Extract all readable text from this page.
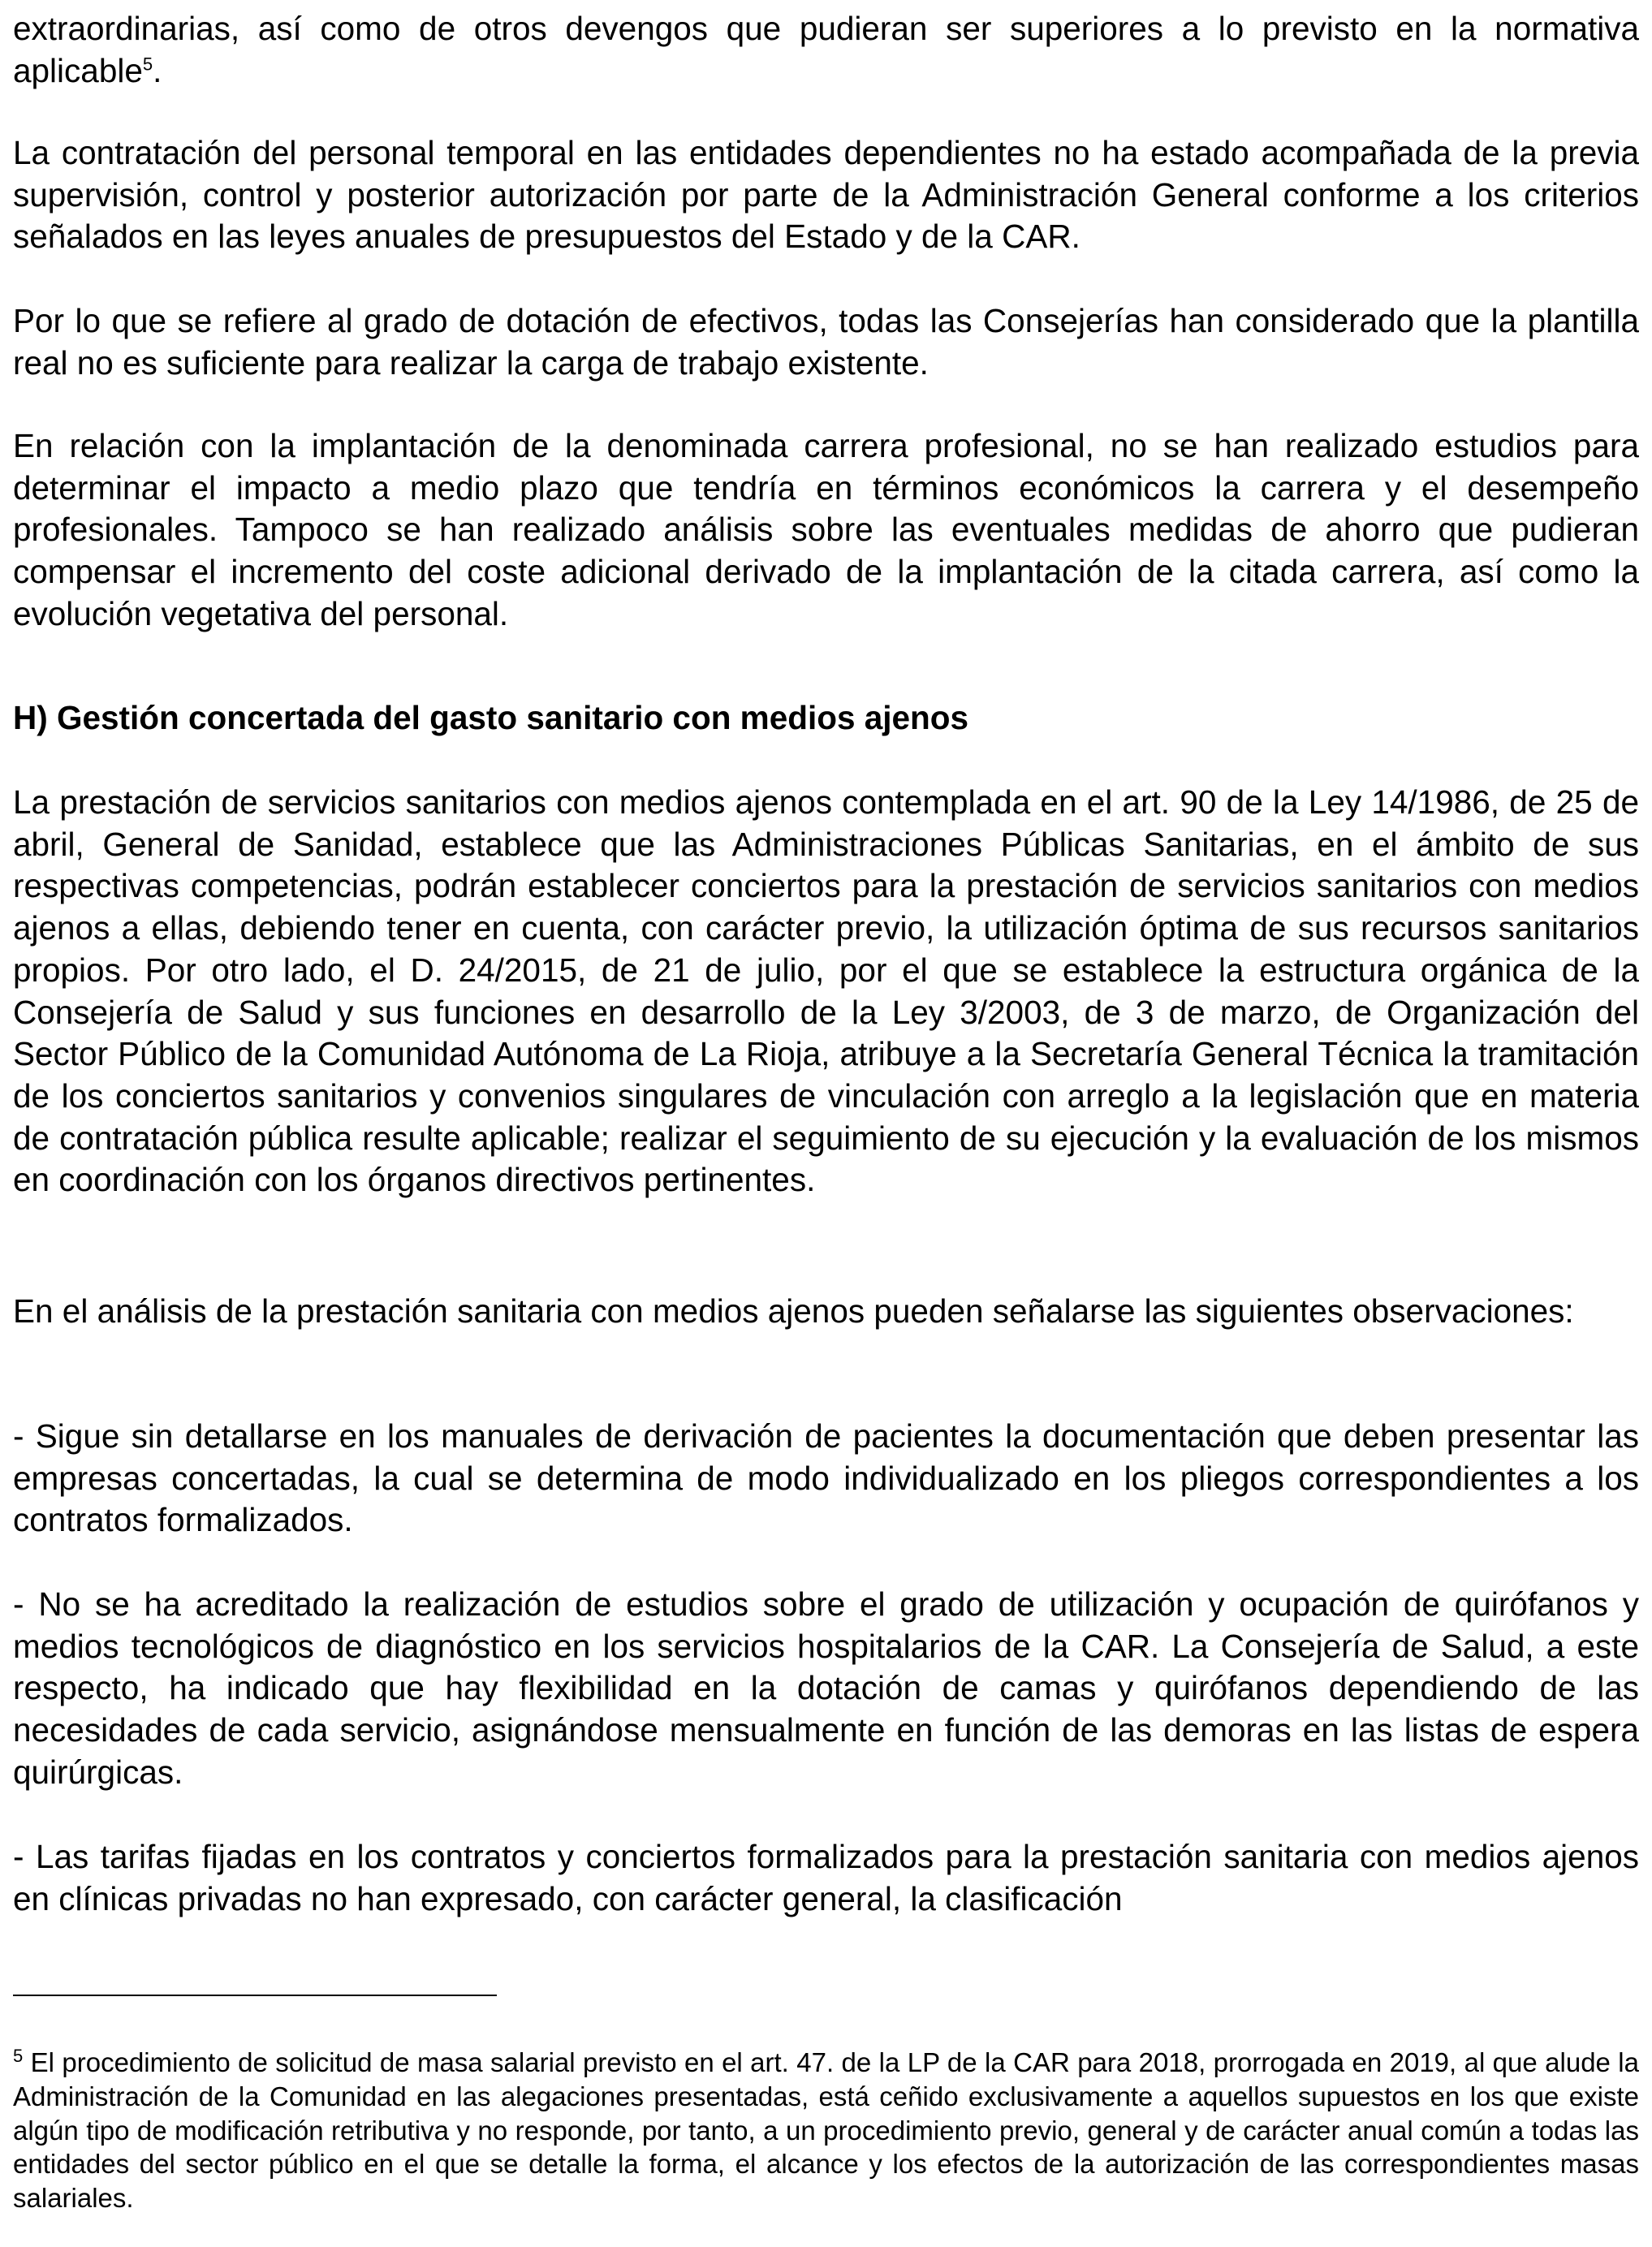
extraordinarias, así como de otros devengos que pudieran ser superiores a lo previsto en la normativa aplicable$^5$.

La contratación del personal temporal en las entidades dependientes no ha estado acompañada de la previa supervisión, control y posterior autorización por parte de la Administración General conforme a los criterios señalados en las leyes anuales de presupuestos del Estado y de la CAR.

Por lo que se refiere al grado de dotación de efectivos, todas las Consejerías han considerado que la plantilla real no es suficiente para realizar la carga de trabajo existente.

En relación con la implantación de la denominada carrera profesional, no se han realizado estudios para determinar el impacto a medio plazo que tendría en términos económicos la carrera y el desempeño profesionales. Tampoco se han realizado análisis sobre las eventuales medidas de ahorro que pudieran compensar el incremento del coste adicional derivado de la implantación de la citada carrera, así como la evolución vegetativa del personal.

H) Gestión concertada del gasto sanitario con medios ajenos

La prestación de servicios sanitarios con medios ajenos contemplada en el art. 90 de la Ley 14/1986, de 25 de abril, General de Sanidad, establece que las Administraciones Públicas Sanitarias, en el ámbito de sus respectivas competencias, podrán establecer conciertos para la prestación de servicios sanitarios con medios ajenos a ellas, debiendo tener en cuenta, con carácter previo, la utilización óptima de sus recursos sanitarios propios. Por otro lado, el D. 24/2015, de 21 de julio, por el que se establece la estructura orgánica de la Consejería de Salud y sus funciones en desarrollo de la Ley 3/2003, de 3 de marzo, de Organización del Sector Público de la Comunidad Autónoma de La Rioja, atribuye a la Secretaría General Técnica la tramitación de los conciertos sanitarios y convenios singulares de vinculación con arreglo a la legislación que en materia de contratación pública resulte aplicable; realizar el seguimiento de su ejecución y la evaluación de los mismos en coordinación con los órganos directivos pertinentes.

En el análisis de la prestación sanitaria con medios ajenos pueden señalarse las siguientes observaciones:

- Sigue sin detallarse en los manuales de derivación de pacientes la documentación que deben presentar las empresas concertadas, la cual se determina de modo individualizado en los pliegos correspondientes a los contratos formalizados.

- No se ha acreditado la realización de estudios sobre el grado de utilización y ocupación de quirófanos y medios tecnológicos de diagnóstico en los servicios hospitalarios de la CAR. La Consejería de Salud, a este respecto, ha indicado que hay flexibilidad en la dotación de camas y quirófanos dependiendo de las necesidades de cada servicio, asignándose mensualmente en función de las demoras en las listas de espera quirúrgicas.

- Las tarifas fijadas en los contratos y conciertos formalizados para la prestación sanitaria con medios ajenos en clínicas privadas no han expresado, con carácter general, la clasificación

$^5$ El procedimiento de solicitud de masa salarial previsto en el art. 47. de la LP de la CAR para 2018, prorrogada en 2019, al que alude la Administración de la Comunidad en las alegaciones presentadas, está ceñido exclusivamente a aquellos supuestos en los que existe algún tipo de modificación retributiva y no responde, por tanto, a un procedimiento previo, general y de carácter anual común a todas las entidades del sector público en el que se detalle la forma, el alcance y los efectos de la autorización de las correspondientes masas salariales.
